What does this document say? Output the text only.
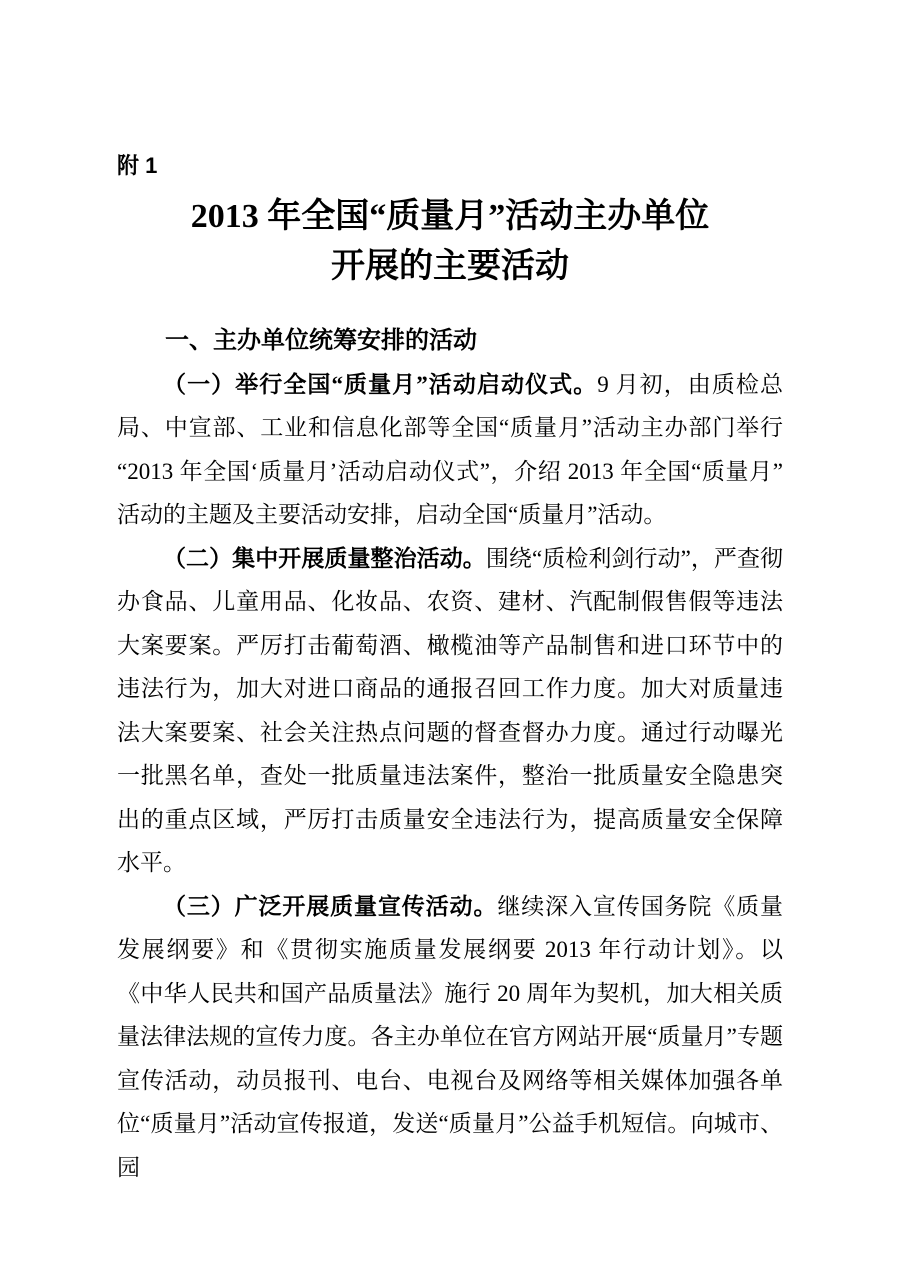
附 1
2013 年全国“质量月”活动主办单位
开展的主要活动
一、主办单位统筹安排的活动

（一）举行全国“质量月”活动启动仪式。9 月初，由质检总局、中宣部、工业和信息化部等全国“质量月”活动主办部门举行“2013 年全国‘质量月’活动启动仪式”，介绍 2013 年全国“质量月”活动的主题及主要活动安排，启动全国“质量月”活动。

（二）集中开展质量整治活动。围绕“质检利剑行动”，严查彻办食品、儿童用品、化妆品、农资、建材、汽配制假售假等违法大案要案。严厉打击葡萄酒、橄榄油等产品制售和进口环节中的违法行为，加大对进口商品的通报召回工作力度。加大对质量违法大案要案、社会关注热点问题的督查督办力度。通过行动曝光一批黑名单，查处一批质量违法案件，整治一批质量安全隐患突出的重点区域，严厉打击质量安全违法行为，提高质量安全保障水平。

（三）广泛开展质量宣传活动。继续深入宣传国务院《质量发展纲要》和《贯彻实施质量发展纲要 2013 年行动计划》。以《中华人民共和国产品质量法》施行 20 周年为契机，加大相关质量法律法规的宣传力度。各主办单位在官方网站开展“质量月”专题宣传活动，动员报刊、电台、电视台及网络等相关媒体加强各单位“质量月”活动宣传报道，发送“质量月”公益手机短信。向城市、园
